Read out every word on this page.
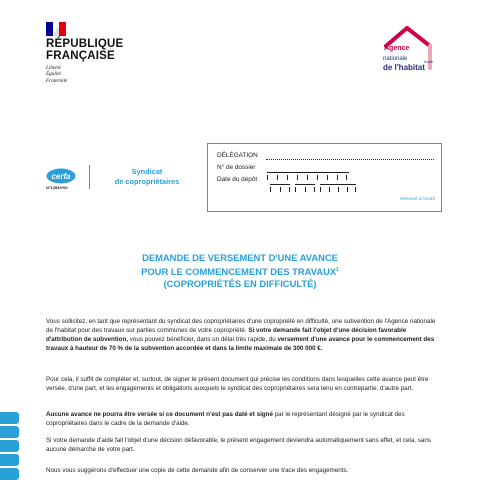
RÉPUBLIQUE
FRANÇAISE
Liberté
Égalité
Fraternité
Agence
nationale
de l'habitat
Anah
cerfa
N°13933*06
Syndicat
de copropriétaires
DÉLÉGATION
N° de dossier
Date du dépôt
Réservé à l'Anah
DEMANDE DE VERSEMENT D'UNE AVANCE
POUR LE COMMENCEMENT DES TRAVAUX$^1$
(COPROPRIÉTÉS EN DIFFICULTÉ)
Vous sollicitez, en tant que représentant du syndicat des copropriétaires d'une copropriété en difficulté, une subvention de l'Agence nationale de l'habitat pour des travaux sur parties communes de votre copropriété. Si votre demande fait l'objet d'une décision favorable d'attribution de subvention, vous pouvez bénéficier, dans un délai très rapide, du versement d'une avance pour le commencement des travaux à hauteur de 70 % de la subvention accordée et dans la limite maximale de 300 000 €.
Pour cela, il suffit de compléter et, surtout, de signer le présent document qui précise les conditions dans lesquelles cette avance peut être versée, d'une part, et les engagements et obligations auxquels le syndicat des copropriétaires sera tenu en contrepartie, d'autre part.
Aucune avance ne pourra être versée si ce document n'est pas daté et signé par le représentant désigné par le syndicat des copropriétaires dans le cadre de la demande d'aide.
Si votre demande d'aide fait l'objet d'une décision défavorable, le présent engagement deviendra automatiquement sans effet, et cela, sans aucune démarche de votre part.
Nous vous suggérons d'effectuer une copie de cette demande afin de conserver une trace des engagements.
